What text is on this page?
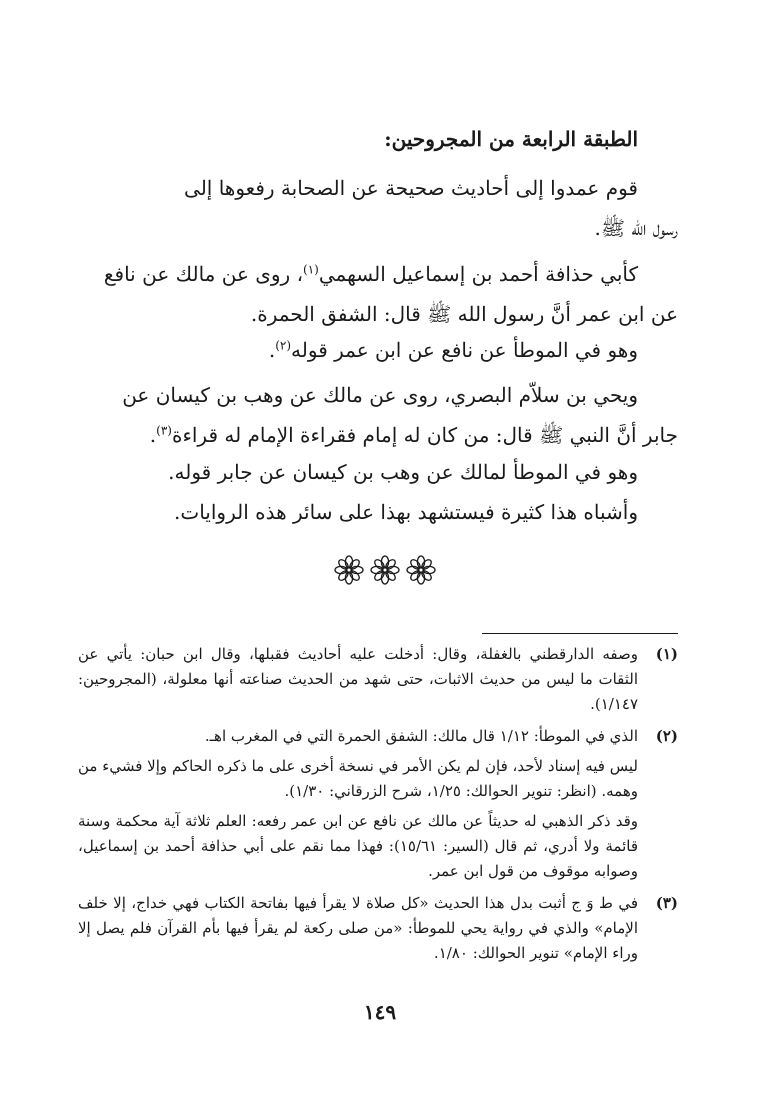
الطبقة الرابعة من المجروحين:
قوم عمدوا إلى أحاديث صحيحة عن الصحابة رفعوها إلى
رسول الله ﷺ.
كأبي حذافة أحمد بن إسماعيل السهمي$^{(١)}$، روى عن مالك عن نافع
عن ابن عمر أنَّ رسول الله ﷺ قال: الشفق الحمرة.
وهو في الموطأ عن نافع عن ابن عمر قوله$^{(٢)}$.
ويحي بن سلاّم البصري، روى عن مالك عن وهب بن كيسان عن
جابر أنَّ النبي ﷺ قال: من كان له إمام فقراءة الإمام له قراءة$^{(٣)}$.
وهو في الموطأ لمالك عن وهب بن كيسان عن جابر قوله.
وأشباه هذا كثيرة فيستشهد بهذا على سائر هذه الروايات.
(١)

وصفه الدارقطني بالغفلة، وقال: أدخلت عليه أحاديث فقبلها، وقال ابن حبان: يأتي عن الثقات ما ليس من حديث الاثبات، حتى شهد من الحديث صناعته أنها معلولة، (المجروحين: ١/١٤٧).

(٢)

الذي في الموطأ: ١/١٢ قال مالك: الشفق الحمرة التي في المغرب اهـ.

ليس فيه إسناد لأحد، فإن لم يكن الأمر في نسخة أخرى على ما ذكره الحاكم وإلا فشيء من وهمه. (انظر: تنوير الحوالك: ١/٢٥، شرح الزرقاني: ١/٣٠).

وقد ذكر الذهبي له حديثاً عن مالك عن نافع عن ابن عمر رفعه: العلم ثلاثة آية محكمة وسنة قائمة ولا أدري، ثم قال (السير: ١٥/٦١): فهذا مما نقم على أبي حذافة أحمد بن إسماعيل، وصوابه موقوف من قول ابن عمر.

(٣)

في ط وَ ج أثبت بدل هذا الحديث «كل صلاة لا يقرأ فيها بفاتحة الكتاب فهي خداج، إلا خلف الإمام» والذي في رواية يحي للموطأ: «من صلى ركعة لم يقرأ فيها بأم القرآن فلم يصل إلا وراء الإمام» تنوير الحوالك: ١/٨٠.

١٤٩
